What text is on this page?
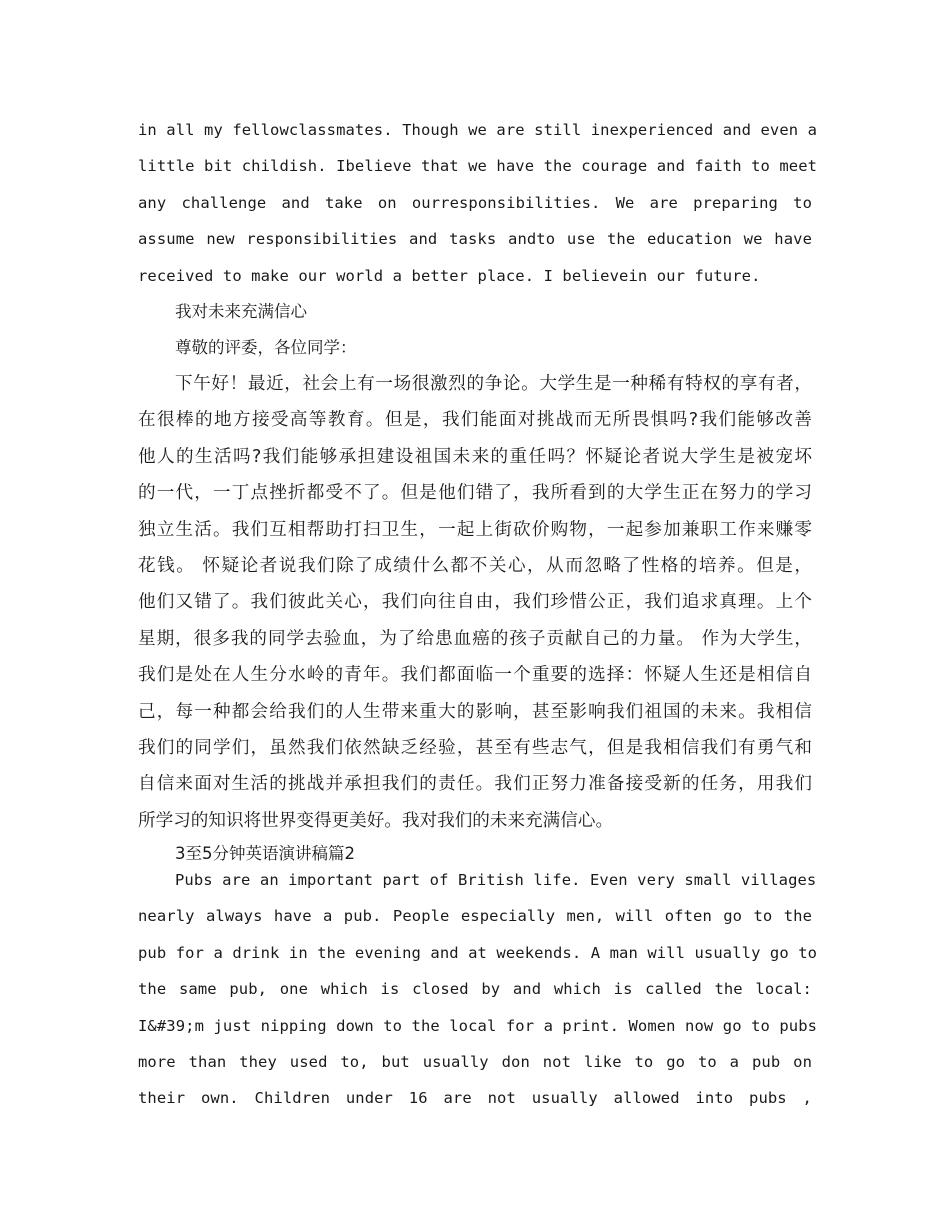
in all my fellowclassmates. Though we are still inexperienced and even a
little bit childish. Ibelieve that we have the courage and faith to meet
any challenge and take on ourresponsibilities. We are preparing to
assume new responsibilities and tasks andto use the education we have
received to make our world a better place. I believein our future.
我对未来充满信心
尊敬的评委，各位同学：
下午好！最近，社会上有一场很激烈的争论。大学生是一种稀有特权的享有者，
在很棒的地方接受高等教育。但是，我们能面对挑战而无所畏惧吗?我们能够改善
他人的生活吗?我们能够承担建设祖国未来的重任吗？怀疑论者说大学生是被宠坏
的一代，一丁点挫折都受不了。但是他们错了，我所看到的大学生正在努力的学习
独立生活。我们互相帮助打扫卫生，一起上街砍价购物，一起参加兼职工作来赚零
花钱。 怀疑论者说我们除了成绩什么都不关心，从而忽略了性格的培养。但是，
他们又错了。我们彼此关心，我们向往自由，我们珍惜公正，我们追求真理。上个
星期，很多我的同学去验血，为了给患血癌的孩子贡献自己的力量。 作为大学生，
我们是处在人生分水岭的青年。我们都面临一个重要的选择：怀疑人生还是相信自
己，每一种都会给我们的人生带来重大的影响，甚至影响我们祖国的未来。我相信
我们的同学们，虽然我们依然缺乏经验，甚至有些志气，但是我相信我们有勇气和
自信来面对生活的挑战并承担我们的责任。我们正努力准备接受新的任务，用我们
所学习的知识将世界变得更美好。我对我们的未来充满信心。
3至5分钟英语演讲稿篇2
Pubs are an important part of British life. Even very small villages
nearly always have a pub. People especially men, will often go to the
pub for a drink in the evening and at weekends. A man will usually go to
the same pub, one which is closed by and which is called the local:
I&#39;m just nipping down to the local for a print. Women now go to pubs
more than they used to, but usually don not like to go to a pub on
their own. Children under 16 are not usually allowed into pubs ,
